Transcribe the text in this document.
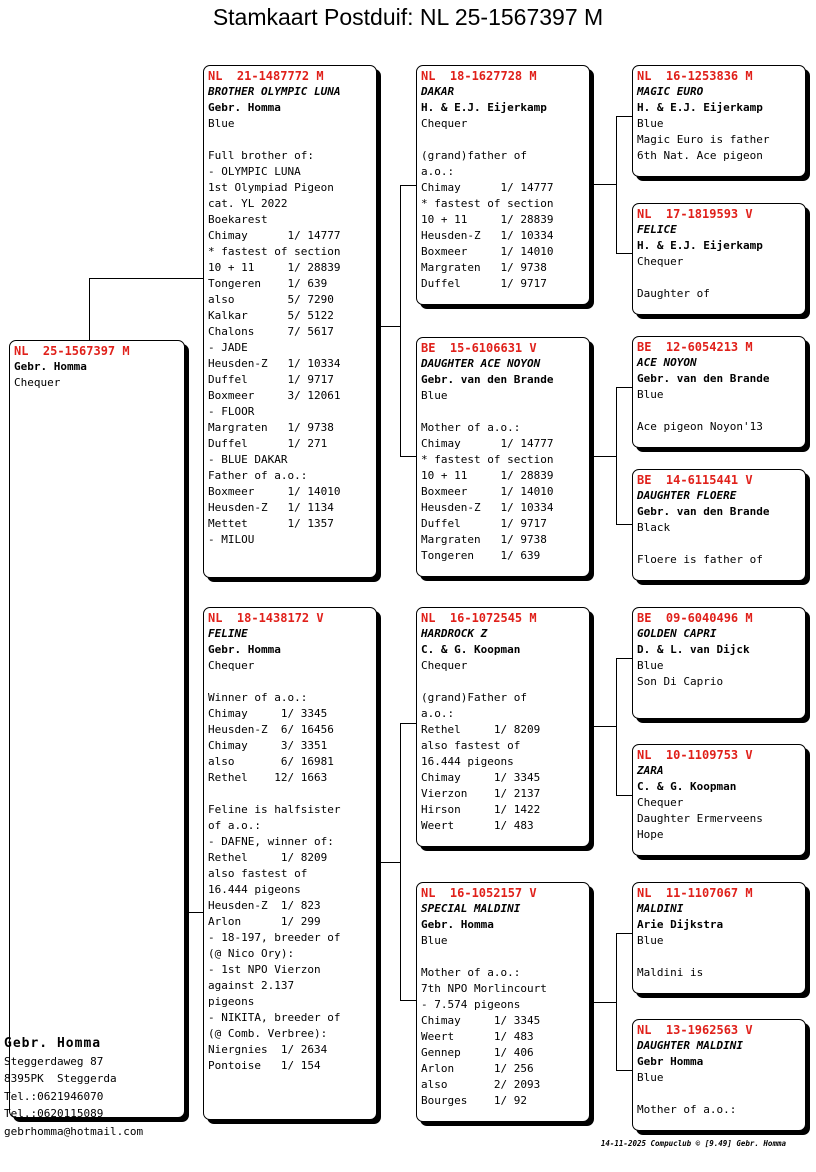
Stamkaart Postduif: NL 25-1567397 M
NL  25-1567397 M
Gebr. Homma
Chequer
NL  21-1487772 M
BROTHER OLYMPIC LUNA
Gebr. Homma
Blue

Full brother of:
- OLYMPIC LUNA
1st Olympiad Pigeon
cat. YL 2022
Boekarest
Chimay      1/ 14777
* fastest of section
10 + 11     1/ 28839
Tongeren    1/ 639
also        5/ 7290
Kalkar      5/ 5122
Chalons     7/ 5617
- JADE
Heusden-Z   1/ 10334
Duffel      1/ 9717
Boxmeer     3/ 12061
- FLOOR
Margraten   1/ 9738
Duffel      1/ 271
- BLUE DAKAR
Father of a.o.:
Boxmeer     1/ 14010
Heusden-Z   1/ 1134
Mettet      1/ 1357
- MILOU
NL  18-1438172 V
FELINE
Gebr. Homma
Chequer

Winner of a.o.:
Chimay     1/ 3345
Heusden-Z  6/ 16456
Chimay     3/ 3351
also       6/ 16981
Rethel    12/ 1663

Feline is halfsister
of a.o.:
- DAFNE, winner of:
Rethel     1/ 8209
also fastest of
16.444 pigeons
Heusden-Z  1/ 823
Arlon      1/ 299
- 18-197, breeder of
(@ Nico Ory):
- 1st NPO Vierzon
against 2.137
pigeons
- NIKITA, breeder of
(@ Comb. Verbree):
Niergnies  1/ 2634
Pontoise   1/ 154
NL  18-1627728 M
DAKAR
H. & E.J. Eijerkamp
Chequer

(grand)father of
a.o.:
Chimay      1/ 14777
* fastest of section
10 + 11     1/ 28839
Heusden-Z   1/ 10334
Boxmeer     1/ 14010
Margraten   1/ 9738
Duffel      1/ 9717
BE  15-6106631 V
DAUGHTER ACE NOYON
Gebr. van den Brande
Blue

Mother of a.o.:
Chimay      1/ 14777
* fastest of section
10 + 11     1/ 28839
Boxmeer     1/ 14010
Heusden-Z   1/ 10334
Duffel      1/ 9717
Margraten   1/ 9738
Tongeren    1/ 639
NL  16-1072545 M
HARDROCK Z
C. & G. Koopman
Chequer

(grand)Father of
a.o.:
Rethel     1/ 8209
also fastest of
16.444 pigeons
Chimay     1/ 3345
Vierzon    1/ 2137
Hirson     1/ 1422
Weert      1/ 483
NL  16-1052157 V
SPECIAL MALDINI
Gebr. Homma
Blue

Mother of a.o.:
7th NPO Morlincourt
- 7.574 pigeons
Chimay     1/ 3345
Weert      1/ 483
Gennep     1/ 406
Arlon      1/ 256
also       2/ 2093
Bourges    1/ 92
NL  16-1253836 M
MAGIC EURO
H. & E.J. Eijerkamp
Blue
Magic Euro is father
6th Nat. Ace pigeon
NL  17-1819593 V
FELICE
H. & E.J. Eijerkamp
Chequer

Daughter of
BE  12-6054213 M
ACE NOYON
Gebr. van den Brande
Blue

Ace pigeon Noyon'13
BE  14-6115441 V
DAUGHTER FLOERE
Gebr. van den Brande
Black

Floere is father of
BE  09-6040496 M
GOLDEN CAPRI
D. & L. van Dijck
Blue
Son Di Caprio
NL  10-1109753 V
ZARA
C. & G. Koopman
Chequer
Daughter Ermerveens
Hope
NL  11-1107067 M
MALDINI
Arie Dijkstra
Blue

Maldini is
NL  13-1962563 V
DAUGHTER MALDINI
Gebr Homma
Blue

Mother of a.o.:
Gebr. Homma
Steggerdaweg 87
8395PK  Steggerda
Tel.:0621946070
Tel.:0620115089
gebrhomma@hotmail.com
14-11-2025 Compuclub © [9.49] Gebr. Homma
